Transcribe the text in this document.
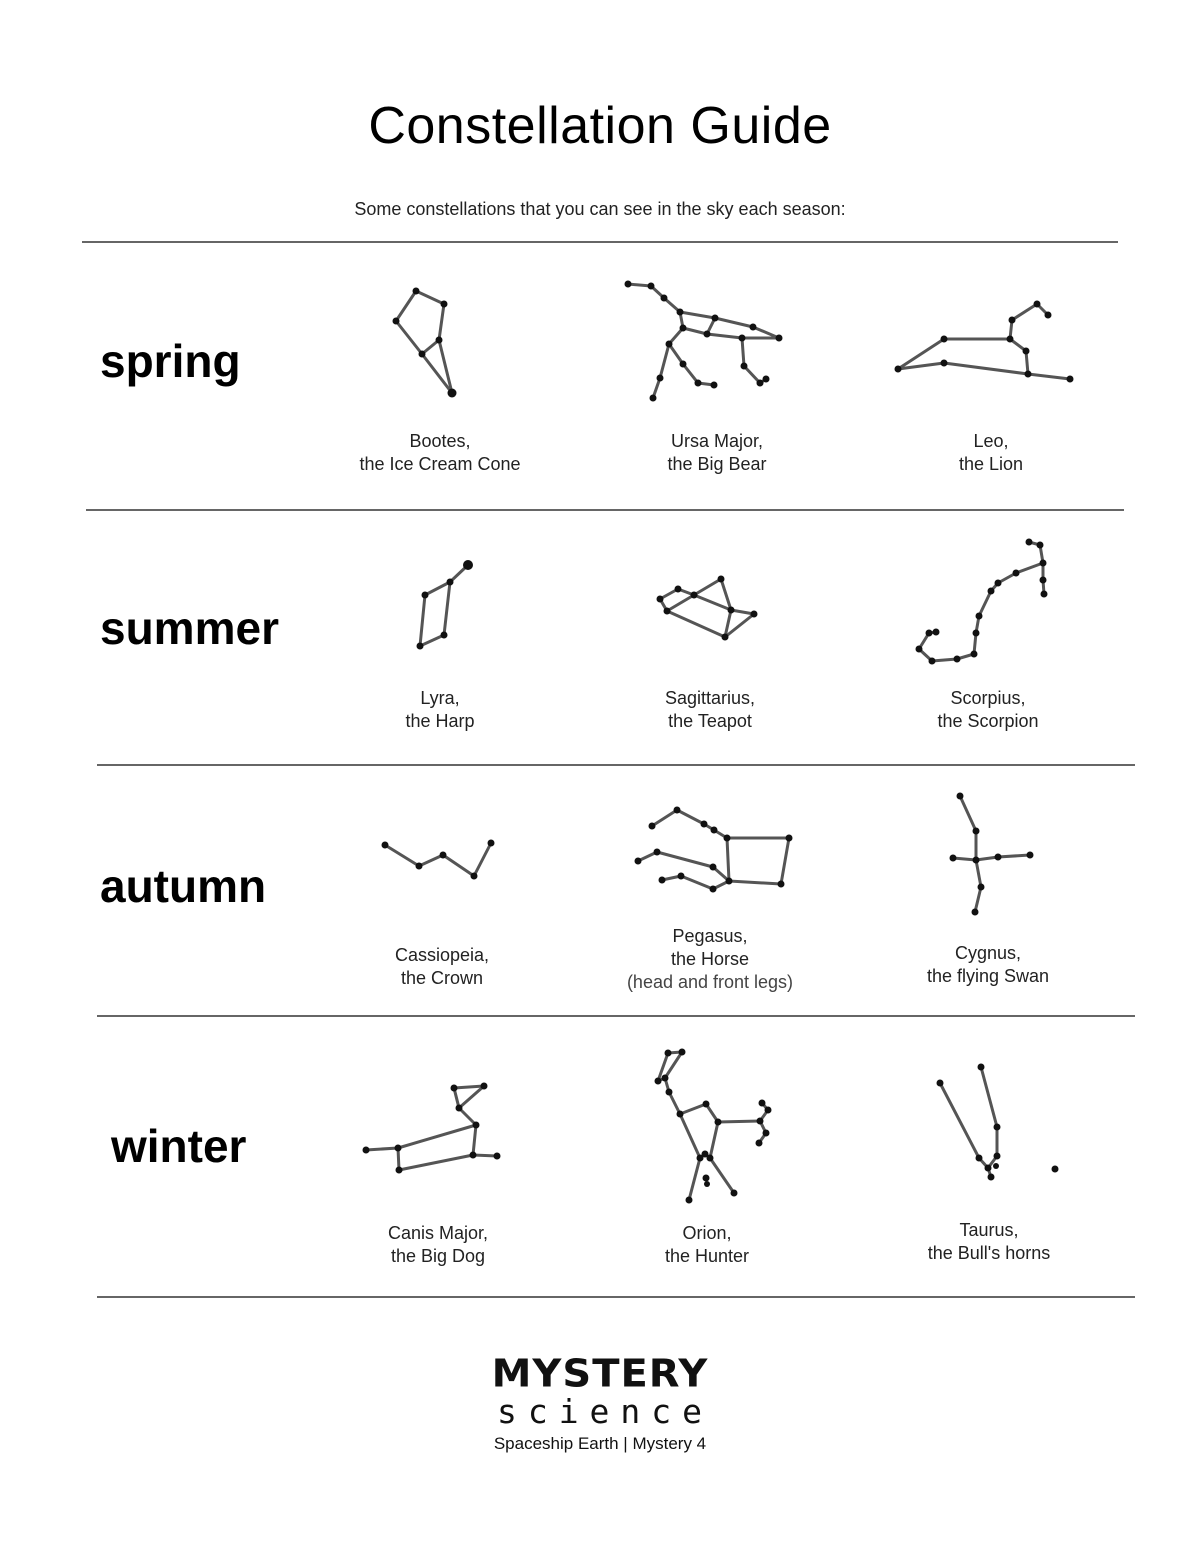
Constellation Guide
Some constellations that you can see in the sky each season:
spring
summer
autumn
winter
Bootes,
the Ice Cream Cone
Ursa Major,
the Big Bear
Leo,
the Lion
Lyra,
the Harp
Sagittarius,
the Teapot
Scorpius,
the Scorpion
Cassiopeia,
the Crown
Pegasus,
the Horse
(head and front legs)
Cygnus,
the flying Swan
Canis Major,
the Big Dog
Orion,
the Hunter
Taurus,
the Bull's horns
MYSTERY
science
Spaceship Earth | Mystery 4
